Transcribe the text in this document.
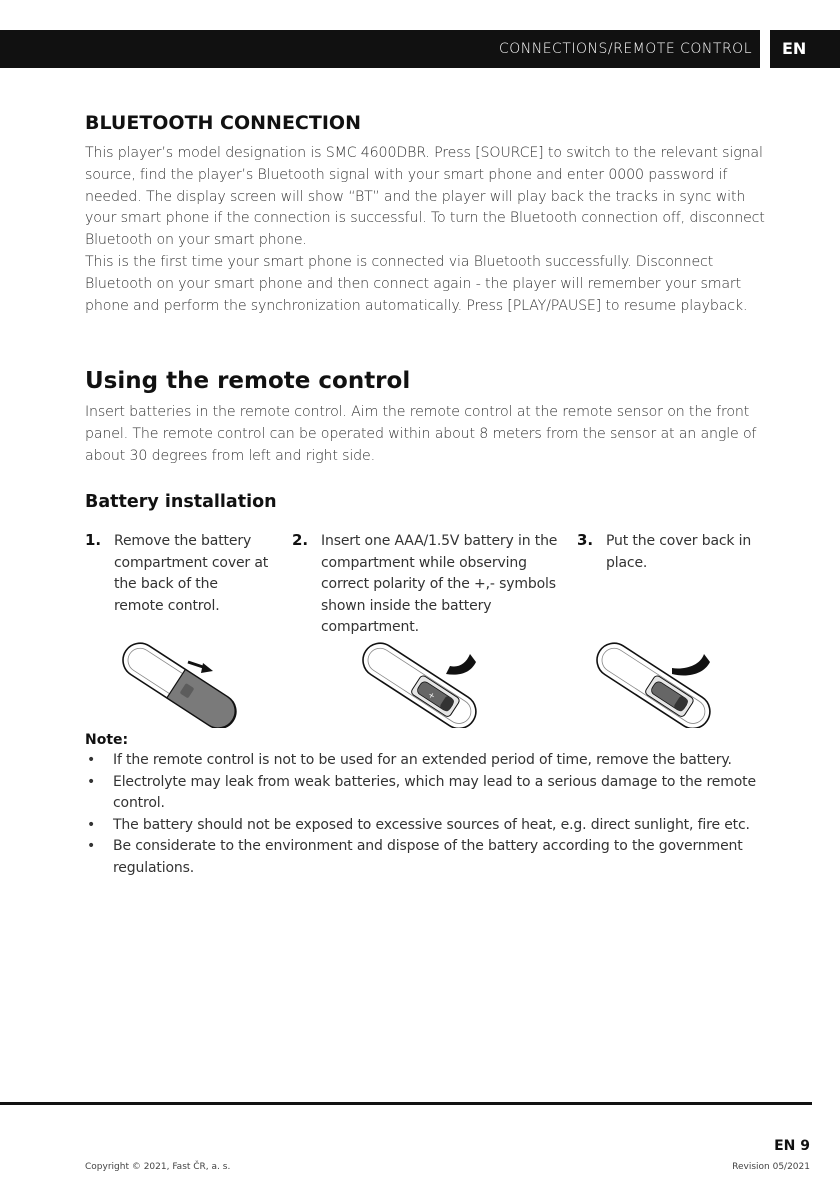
CONNECTIONS/REMOTE CONTROL	EN
BLUETOOTH CONNECTION

This player’s model designation is SMC 4600DBR. Press [SOURCE] to switch to the relevant signal source, find the player’s Bluetooth signal with your smart phone and enter 0000 password if needed. The display screen will show “BT” and the player will play back the tracks in sync with your smart phone if the connection is successful. To turn the Bluetooth connection off, disconnect Bluetooth on your smart phone.

This is the first time your smart phone is connected via Bluetooth successfully. Disconnect Bluetooth on your smart phone and then connect again - the player will remember your smart phone and perform the synchronization automatically. Press [PLAY/PAUSE] to resume playback.

Using the remote control

Insert batteries in the remote control. Aim the remote control at the remote sensor on the front panel. The remote control can be operated within about 8 meters from the sensor at an angle of about 30 degrees from left and right side.

Battery installation
1. Remove the battery compartment cover at the back of the remote control.

2. Insert one AAA/1.5V battery in the compartment while observing correct polarity of the +,- symbols shown inside the battery compartment.

3. Put the cover back in place.

+

Note:

• If the remote control is not to be used for an extended period of time, remove the battery.
• Electrolyte may leak from weak batteries, which may lead to a serious damage to the remote control.
• The battery should not be exposed to excessive sources of heat, e.g. direct sunlight, fire etc.
• Be considerate to the environment and dispose of the battery according to the government regulations.
EN 9
Copyright © 2021, Fast ČR, a. s.	Revision 05/2021
